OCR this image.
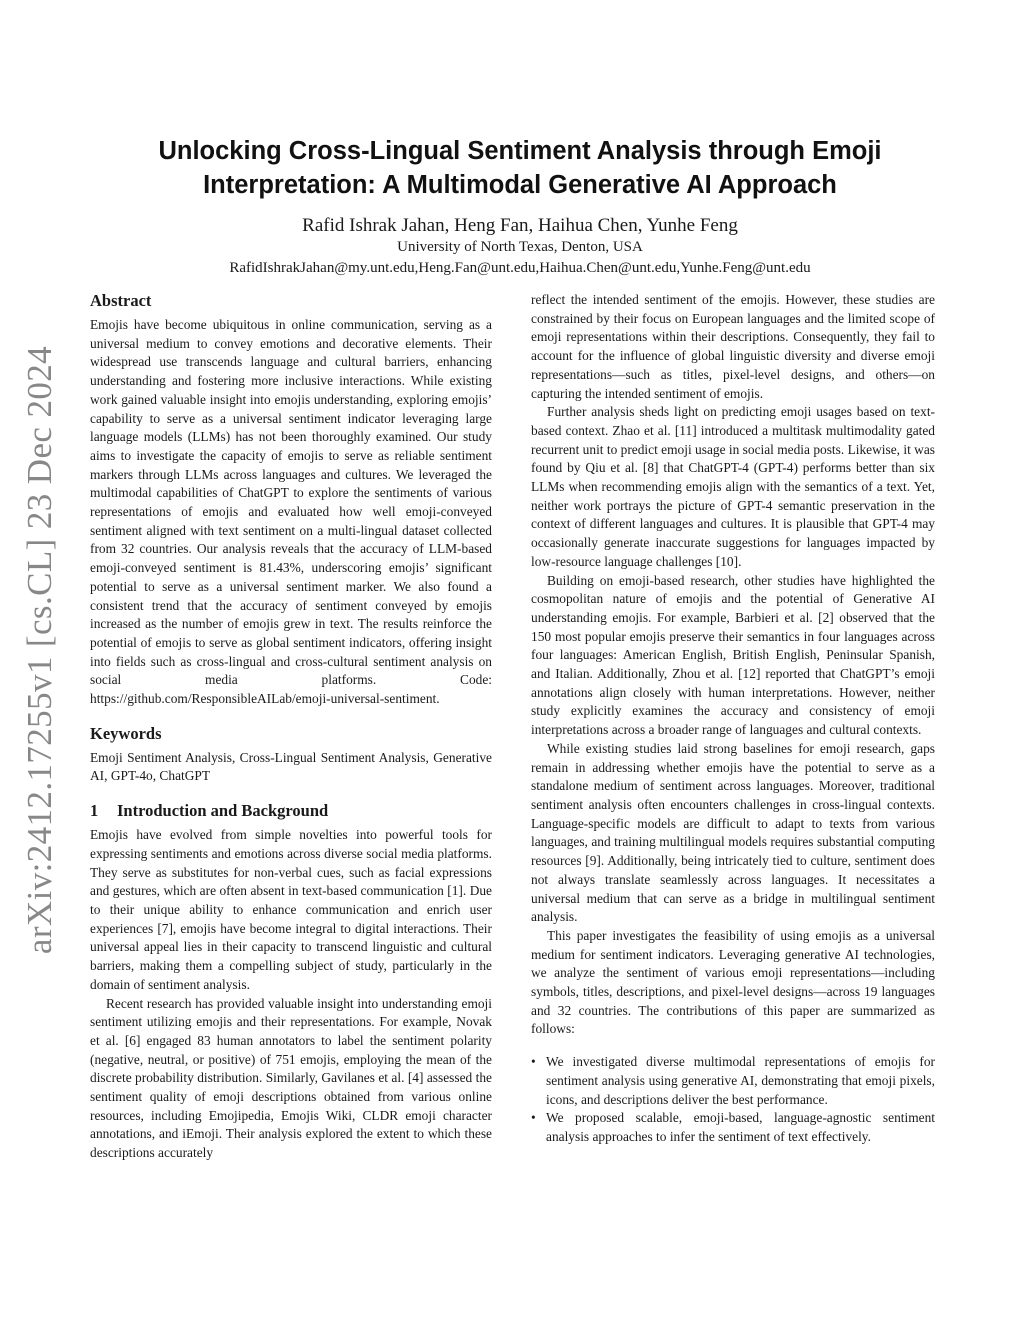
arXiv:2412.17255v1 [cs.CL] 23 Dec 2024
Unlocking Cross-Lingual Sentiment Analysis through Emoji
Interpretation: A Multimodal Generative AI Approach
Rafid Ishrak Jahan, Heng Fan, Haihua Chen, Yunhe Feng
University of North Texas, Denton, USA
RafidIshrakJahan@my.unt.edu,Heng.Fan@unt.edu,Haihua.Chen@unt.edu,Yunhe.Feng@unt.edu
Abstract

Emojis have become ubiquitous in online communication, serving as a universal medium to convey emotions and decorative elements. Their widespread use transcends language and cultural barriers, enhancing understanding and fostering more inclusive interactions. While existing work gained valuable insight into emojis understanding, exploring emojis’ capability to serve as a universal sentiment indicator leveraging large language models (LLMs) has not been thoroughly examined. Our study aims to investigate the capacity of emojis to serve as reliable sentiment markers through LLMs across languages and cultures. We leveraged the multimodal capabilities of ChatGPT to explore the sentiments of various representations of emojis and evaluated how well emoji-conveyed sentiment aligned with text sentiment on a multi-lingual dataset collected from 32 countries. Our analysis reveals that the accuracy of LLM-based emoji-conveyed sentiment is 81.43%, underscoring emojis’ significant potential to serve as a universal sentiment marker. We also found a consistent trend that the accuracy of sentiment conveyed by emojis increased as the number of emojis grew in text. The results reinforce the potential of emojis to serve as global sentiment indicators, offering insight into fields such as cross-lingual and cross-cultural sentiment analysis on social media platforms. Code: https://github.com/ResponsibleAILab/emoji-universal-sentiment.

Keywords

Emoji Sentiment Analysis, Cross-Lingual Sentiment Analysis, Generative AI, GPT-4o, ChatGPT

1 Introduction and Background

Emojis have evolved from simple novelties into powerful tools for expressing sentiments and emotions across diverse social media platforms. They serve as substitutes for non-verbal cues, such as facial expressions and gestures, which are often absent in text-based communication [1]. Due to their unique ability to enhance communication and enrich user experiences [7], emojis have become integral to digital interactions. Their universal appeal lies in their capacity to transcend linguistic and cultural barriers, making them a compelling subject of study, particularly in the domain of sentiment analysis.

Recent research has provided valuable insight into understanding emoji sentiment utilizing emojis and their representations. For example, Novak et al. [6] engaged 83 human annotators to label the sentiment polarity (negative, neutral, or positive) of 751 emojis, employing the mean of the discrete probability distribution. Similarly, Gavilanes et al. [4] assessed the sentiment quality of emoji descriptions obtained from various online resources, including Emojipedia, Emojis Wiki, CLDR emoji character annotations, and iEmoji. Their analysis explored the extent to which these descriptions accurately

reflect the intended sentiment of the emojis. However, these studies are constrained by their focus on European languages and the limited scope of emoji representations within their descriptions. Consequently, they fail to account for the influence of global linguistic diversity and diverse emoji representations—such as titles, pixel-level designs, and others—on capturing the intended sentiment of emojis.

Further analysis sheds light on predicting emoji usages based on text-based context. Zhao et al. [11] introduced a multitask multimodality gated recurrent unit to predict emoji usage in social media posts. Likewise, it was found by Qiu et al. [8] that ChatGPT-4 (GPT-4) performs better than six LLMs when recommending emojis align with the semantics of a text. Yet, neither work portrays the picture of GPT-4 semantic preservation in the context of different languages and cultures. It is plausible that GPT-4 may occasionally generate inaccurate suggestions for languages impacted by low-resource language challenges [10].

Building on emoji-based research, other studies have highlighted the cosmopolitan nature of emojis and the potential of Generative AI understanding emojis. For example, Barbieri et al. [2] observed that the 150 most popular emojis preserve their semantics in four languages across four languages: American English, British English, Peninsular Spanish, and Italian. Additionally, Zhou et al. [12] reported that ChatGPT’s emoji annotations align closely with human interpretations. However, neither study explicitly examines the accuracy and consistency of emoji interpretations across a broader range of languages and cultural contexts.

While existing studies laid strong baselines for emoji research, gaps remain in addressing whether emojis have the potential to serve as a standalone medium of sentiment across languages. Moreover, traditional sentiment analysis often encounters challenges in cross-lingual contexts. Language-specific models are difficult to adapt to texts from various languages, and training multilingual models requires substantial computing resources [9]. Additionally, being intricately tied to culture, sentiment does not always translate seamlessly across languages. It necessitates a universal medium that can serve as a bridge in multilingual sentiment analysis.

This paper investigates the feasibility of using emojis as a universal medium for sentiment indicators. Leveraging generative AI technologies, we analyze the sentiment of various emoji representations—including symbols, titles, descriptions, and pixel-level designs—across 19 languages and 32 countries. The contributions of this paper are summarized as follows:

• We investigated diverse multimodal representations of emojis for sentiment analysis using generative AI, demonstrating that emoji pixels, icons, and descriptions deliver the best performance.
• We proposed scalable, emoji-based, language-agnostic sentiment analysis approaches to infer the sentiment of text effectively.
